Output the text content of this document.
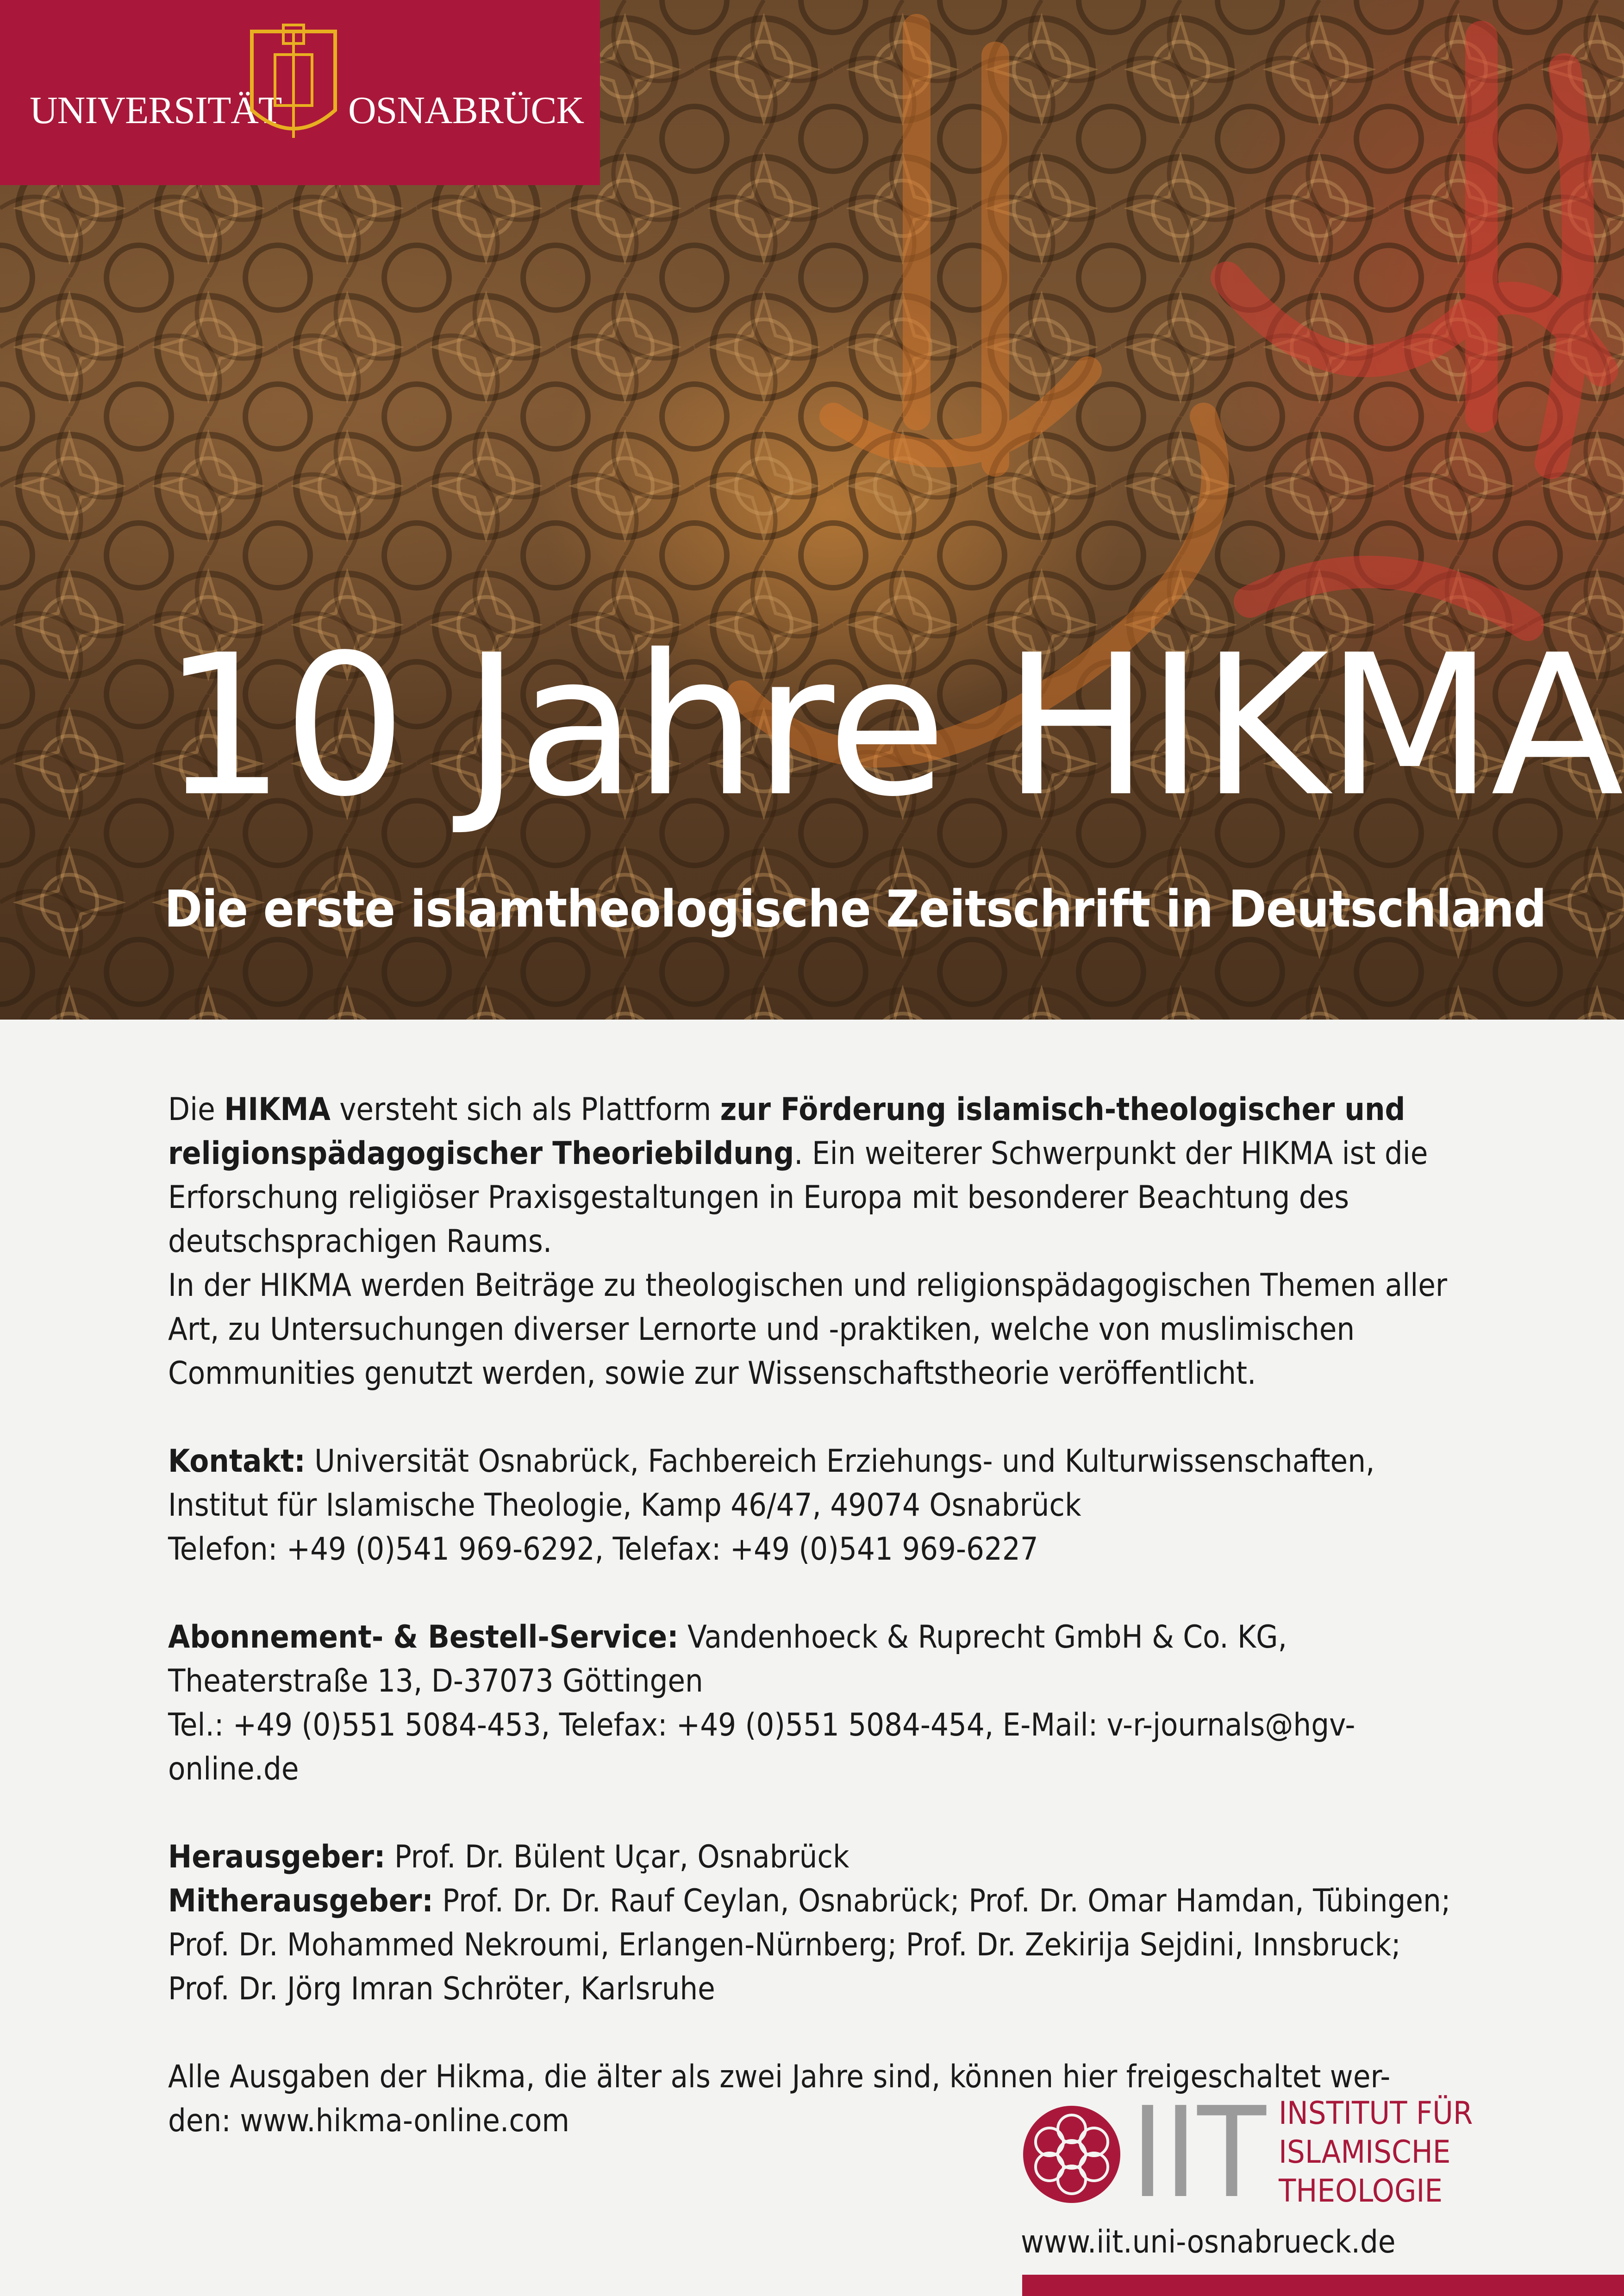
UNIVERSITÄT OSNABRÜCK
10 Jahre HIKMA
Die erste islamtheologische Zeitschrift in Deutschland

Die HIKMA versteht sich als Plattform zur Förderung islamisch-theologischer und religionspädagogischer Theoriebildung. Ein weiterer Schwerpunkt der HIKMA ist die Erforschung religiöser Praxisgestaltungen in Europa mit besonderer Beachtung des deutschsprachigen Raums.

In der HIKMA werden Beiträge zu theologischen und religionspädagogischen Themen aller Art, zu Untersuchungen diverser Lernorte und -praktiken, welche von muslimischen Communities genutzt werden, sowie zur Wissenschaftstheorie veröffentlicht.

Kontakt: Universität Osnabrück, Fachbereich Erziehungs- und Kulturwissenschaften,
Institut für Islamische Theologie, Kamp 46/47, 49074 Osnabrück
Telefon: +49 (0)541 969-6292, Telefax: +49 (0)541 969-6227

Abonnement- & Bestell-Service: Vandenhoeck & Ruprecht GmbH & Co. KG,
Theaterstraße 13, D-37073 Göttingen
Tel.: +49 (0)551 5084-453, Telefax: +49 (0)551 5084-454, E-Mail: v-r-journals@hgv-online.de

Herausgeber: Prof. Dr. Bülent Uçar, Osnabrück
Mitherausgeber: Prof. Dr. Dr. Rauf Ceylan, Osnabrück; Prof. Dr. Omar Hamdan, Tübingen;
Prof. Dr. Mohammed Nekroumi, Erlangen-Nürnberg; Prof. Dr. Zekirija Sejdini, Innsbruck;
Prof. Dr. Jörg Imran Schröter, Karlsruhe

Alle Ausgaben der Hikma, die älter als zwei Jahre sind, können hier freigeschaltet wer-
den: www.hikma-online.com	IIT INSTITUT FÜR
ISLAMISCHE
THEOLOGIE
www.iit.uni-osnabrueck.de
